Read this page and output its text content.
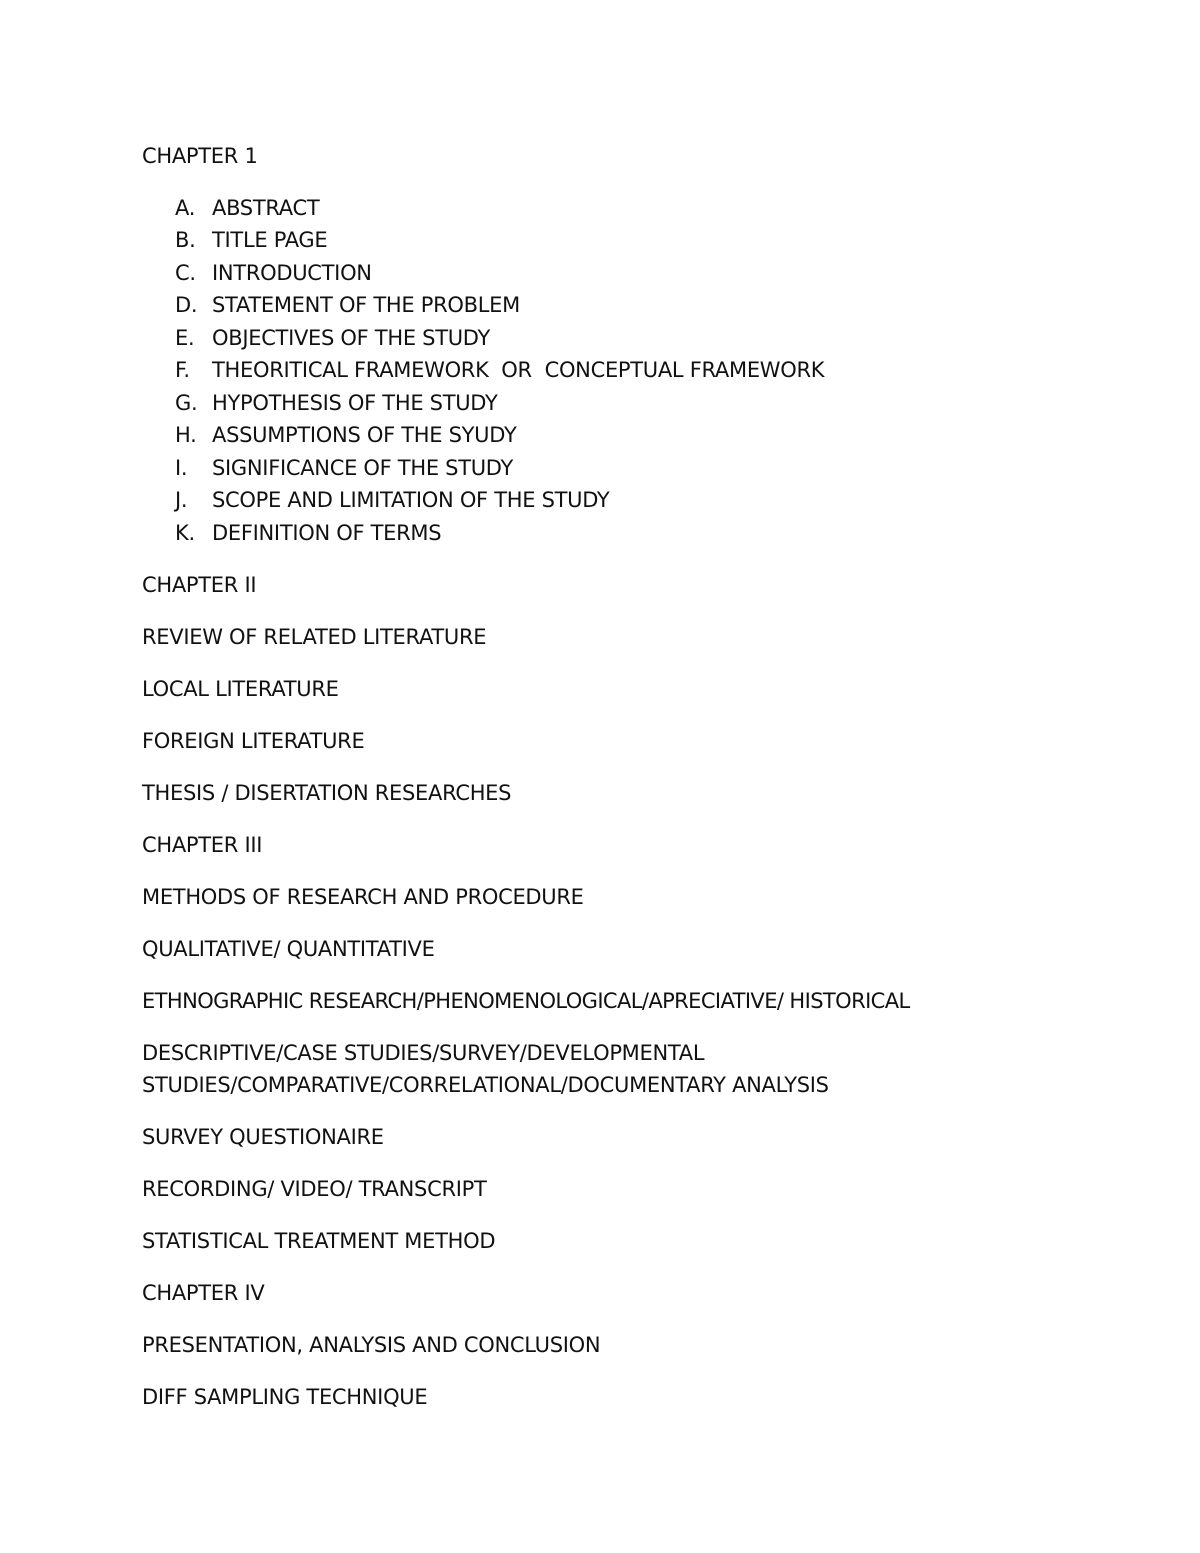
CHAPTER 1
A. ABSTRACT
B. TITLE PAGE
C. INTRODUCTION
D. STATEMENT OF THE PROBLEM
E. OBJECTIVES OF THE STUDY
F. THEORITICAL FRAMEWORK  OR  CONCEPTUAL FRAMEWORK
G. HYPOTHESIS OF THE STUDY
H. ASSUMPTIONS OF THE SYUDY
I. SIGNIFICANCE OF THE STUDY
J. SCOPE AND LIMITATION OF THE STUDY
K. DEFINITION OF TERMS
CHAPTER II
REVIEW OF RELATED LITERATURE
LOCAL LITERATURE
FOREIGN LITERATURE
THESIS / DISERTATION RESEARCHES
CHAPTER III
METHODS OF RESEARCH AND PROCEDURE
QUALITATIVE/ QUANTITATIVE
ETHNOGRAPHIC RESEARCH/PHENOMENOLOGICAL/APRECIATIVE/ HISTORICAL
DESCRIPTIVE/CASE STUDIES/SURVEY/DEVELOPMENTAL
STUDIES/COMPARATIVE/CORRELATIONAL/DOCUMENTARY ANALYSIS
SURVEY QUESTIONAIRE
RECORDING/ VIDEO/ TRANSCRIPT
STATISTICAL TREATMENT METHOD
CHAPTER IV
PRESENTATION, ANALYSIS AND CONCLUSION
DIFF SAMPLING TECHNIQUE
